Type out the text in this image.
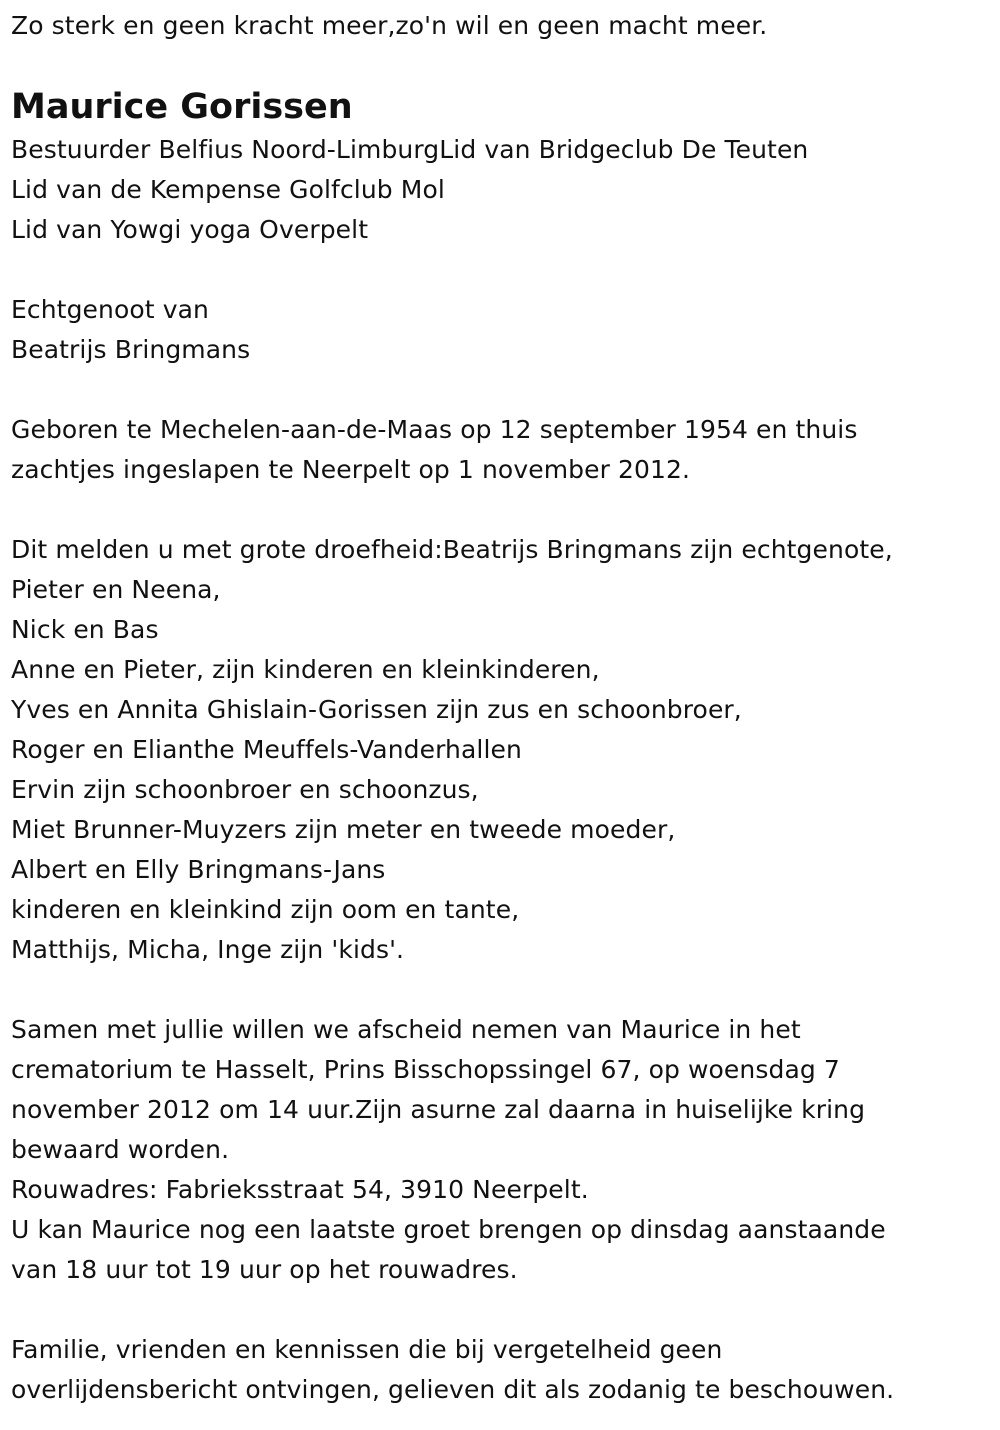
Zo sterk en geen kracht meer,zo'n wil en geen macht meer.
Maurice Gorissen
Bestuurder Belfius Noord-LimburgLid van Bridgeclub De Teuten
Lid van de Kempense Golfclub Mol
Lid van Yowgi yoga Overpelt
Echtgenoot van
Beatrijs Bringmans
Geboren te Mechelen-aan-de-Maas op 12 september 1954 en thuis
zachtjes ingeslapen te Neerpelt op 1 november 2012.
Dit melden u met grote droefheid:Beatrijs Bringmans zijn echtgenote,
Pieter en Neena,
Nick en Bas
Anne en Pieter, zijn kinderen en kleinkinderen,
Yves en Annita Ghislain-Gorissen zijn zus en schoonbroer,
Roger en Elianthe Meuffels-Vanderhallen
Ervin zijn schoonbroer en schoonzus,
Miet Brunner-Muyzers zijn meter en tweede moeder,
Albert en Elly Bringmans-Jans
kinderen en kleinkind zijn oom en tante,
Matthijs, Micha, Inge zijn 'kids'.
Samen met jullie willen we afscheid nemen van Maurice in het
crematorium te Hasselt, Prins Bisschopssingel 67, op woensdag 7
november 2012 om 14 uur.Zijn asurne zal daarna in huiselijke kring
bewaard worden.
Rouwadres: Fabrieksstraat 54, 3910 Neerpelt.
U kan Maurice nog een laatste groet brengen op dinsdag aanstaande
van 18 uur tot 19 uur op het rouwadres.
Familie, vrienden en kennissen die bij vergetelheid geen
overlijdensbericht ontvingen, gelieven dit als zodanig te beschouwen.
